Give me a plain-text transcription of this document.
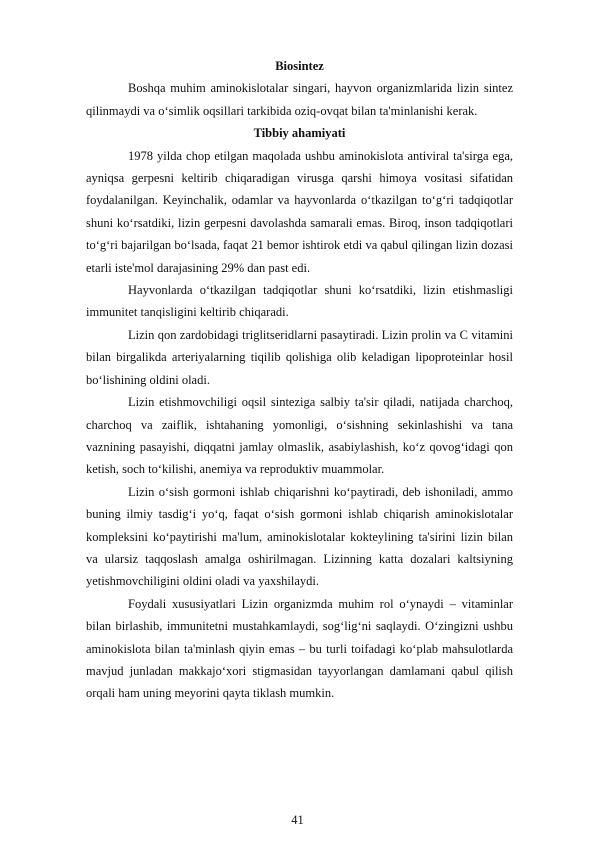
Biosintez

Boshqa muhim aminokislotalar singari, hayvon organizmlarida lizin sintez qilinmaydi va o‘simlik oqsillari tarkibida oziq-ovqat bilan ta'minlanishi kerak.

Tibbiy ahamiyati

1978 yilda chop etilgan maqolada ushbu aminokislota antiviral ta'sirga ega, ayniqsa gerpesni keltirib chiqaradigan virusga qarshi himoya vositasi sifatidan foydalanilgan. Keyinchalik, odamlar va hayvonlarda o‘tkazilgan to‘g‘ri tadqiqotlar shuni ko‘rsatdiki, lizin gerpesni davolashda samarali emas. Biroq, inson tadqiqotlari to‘g‘ri bajarilgan bo‘lsada, faqat 21 bemor ishtirok etdi va qabul qilingan lizin dozasi etarli iste'mol darajasining 29% dan past edi.

Hayvonlarda o‘tkazilgan tadqiqotlar shuni ko‘rsatdiki, lizin etishmasligi immunitet tanqisligini keltirib chiqaradi.

Lizin qon zardobidagi triglitseridlarni pasaytiradi. Lizin prolin va C vitamini bilan birgalikda arteriyalarning tiqilib qolishiga olib keladigan lipoproteinlar hosil bo‘lishining oldini oladi.

Lizin etishmovchiligi oqsil sinteziga salbiy ta'sir qiladi, natijada charchoq, charchoq va zaiflik, ishtahaning yomonligi, o‘sishning sekinlashishi va tana vaznining pasayishi, diqqatni jamlay olmaslik, asabiylashish, ko‘z qovog‘idagi qon ketish, soch to‘kilishi, anemiya va reproduktiv muammolar.

Lizin o‘sish gormoni ishlab chiqarishni ko‘paytiradi, deb ishoniladi, ammo buning ilmiy tasdig‘i yo‘q, faqat o‘sish gormoni ishlab chiqarish aminokislotalar kompleksini ko‘paytirishi ma'lum, aminokislotalar kokteylining ta'sirini lizin bilan va ularsiz taqqoslash amalga oshirilmagan. Lizinning katta dozalari kaltsiyning yetishmovchiligini oldini oladi va yaxshilaydi.

Foydali xususiyatlari Lizin organizmda muhim rol o‘ynaydi – vitaminlar bilan birlashib, immunitetni mustahkamlaydi, sog‘lig‘ni saqlaydi. O‘zingizni ushbu aminokislota bilan ta'minlash qiyin emas – bu turli toifadagi ko‘plab mahsulotlarda mavjud junladan makkajo‘xori stigmasidan tayyorlangan damlamani qabul qilish orqali ham uning meyorini qayta tiklash mumkin.

41
